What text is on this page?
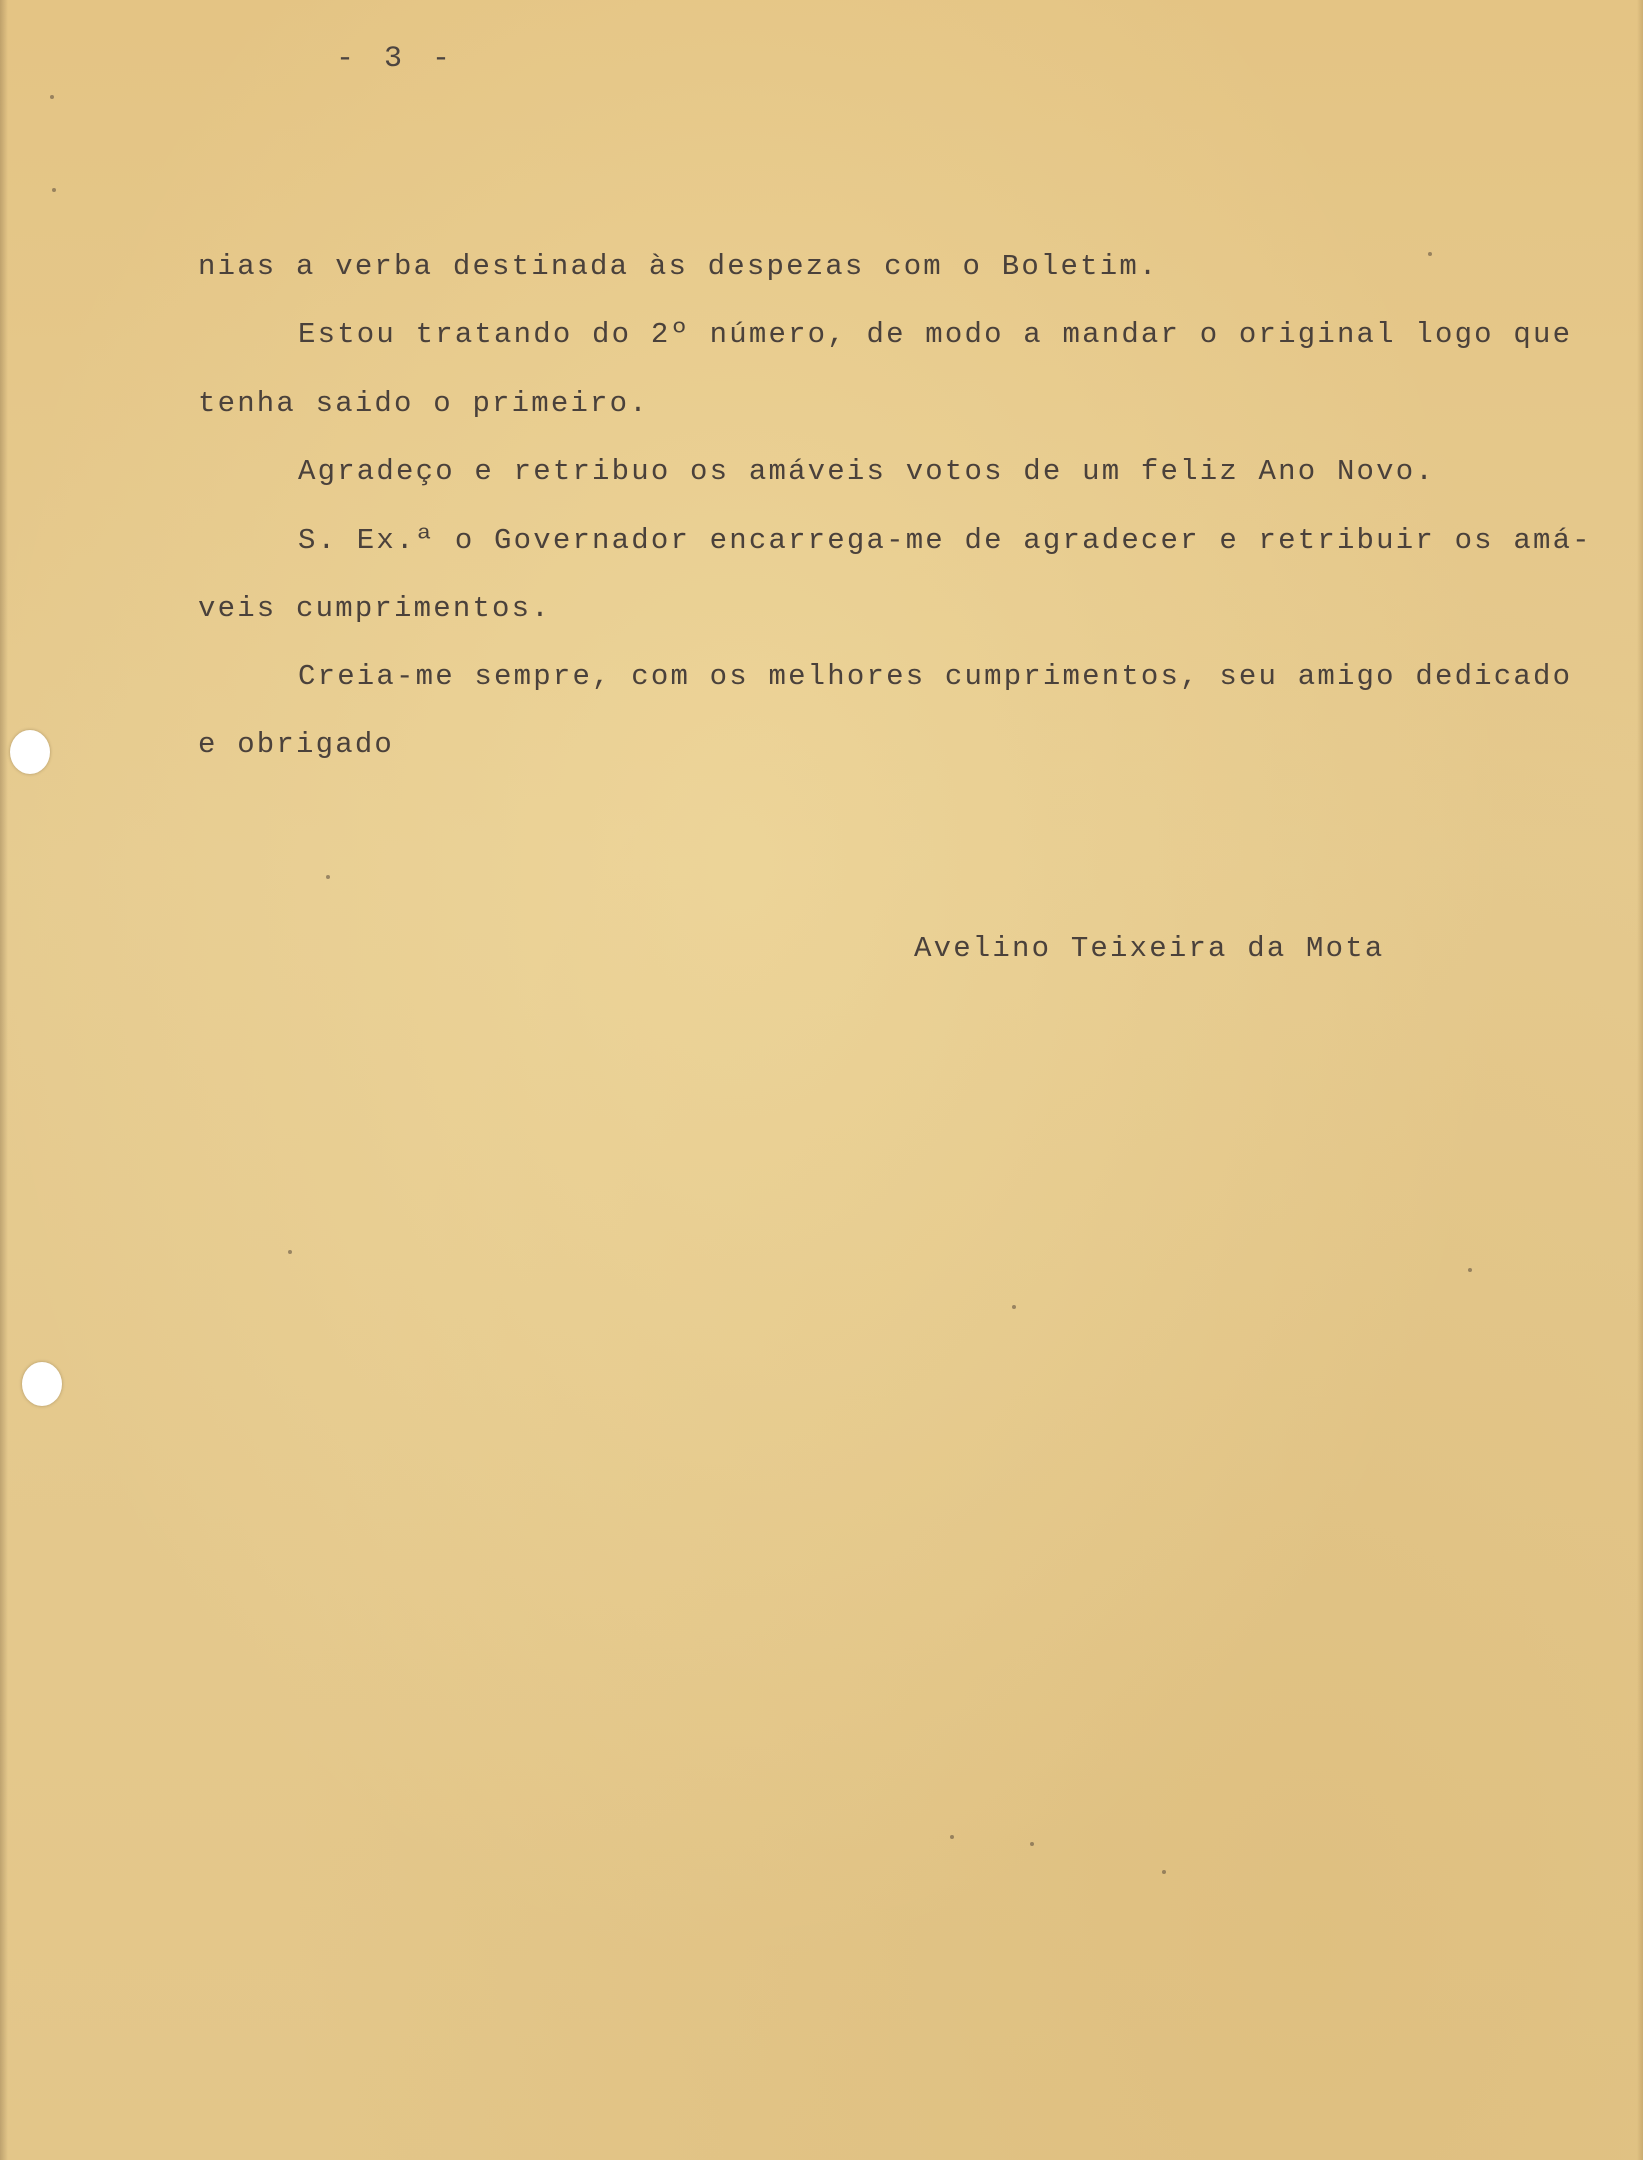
- 3 -
nias a verba destinada às despezas com o Boletim.
Estou tratando do 2º número, de modo a mandar o original logo que
tenha saido o primeiro.
Agradeço e retribuo os amáveis votos de um feliz Ano Novo.
S. Ex.ª o Governador encarrega-me de agradecer e retribuir os amá-
veis cumprimentos.
Creia-me sempre, com os melhores cumprimentos, seu amigo dedicado
e obrigado
Avelino Teixeira da Mota
